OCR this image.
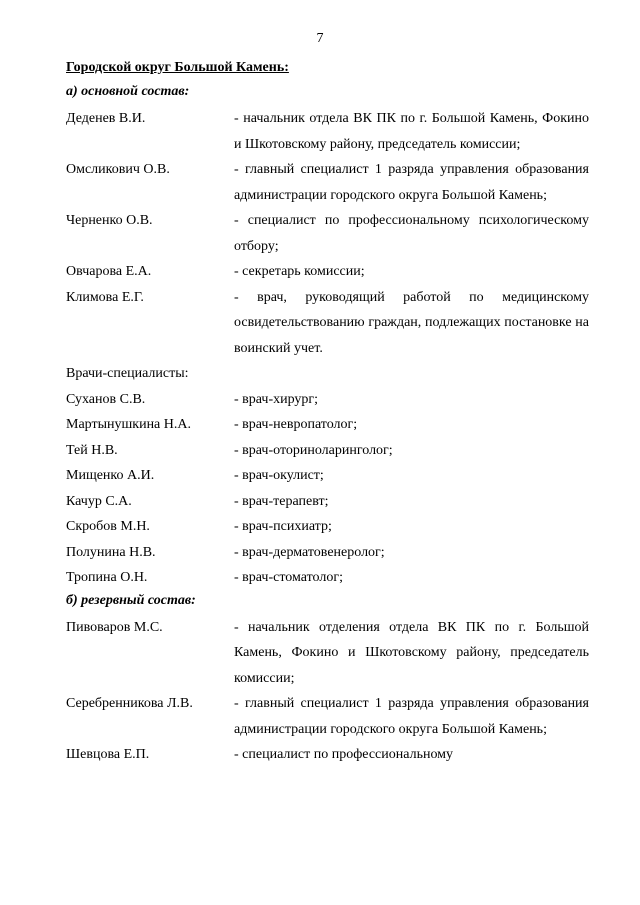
7
Городской округ Большой Камень:
а) основной состав:
Деденев В.И.	- начальник отдела ВК ПК по г. Большой Камень, Фокино и Шкотовскому району, председатель комиссии;
Омсликович О.В.	- главный специалист 1 разряда управления образования администрации городского округа Большой Камень;
Черненко О.В.	- специалист по профессиональному психологическому отбору;
Овчарова Е.А.	- секретарь комиссии;
Климова Е.Г.	- врач, руководящий работой по медицинскому освидетельствованию граждан, подлежащих постановке на воинский учет.
Врачи-специалисты:
Суханов С.В.	- врач-хирург;
Мартынушкина Н.А.	- врач-невропатолог;
Тей Н.В.	- врач-оториноларинголог;
Мищенко А.И.	- врач-окулист;
Качур С.А.	- врач-терапевт;
Скробов М.Н.	- врач-психиатр;
Полунина Н.В.	- врач-дерматовенеролог;
Тропина О.Н.	- врач-стоматолог;
б) резервный состав:
Пивоваров М.С.	- начальник отделения отдела ВК ПК по г. Большой Камень, Фокино и Шкотовскому району, председатель комиссии;
Серебренникова Л.В.	- главный специалист 1 разряда управления образования администрации городского округа Большой Камень;
Шевцова Е.П.	- специалист по профессиональному
